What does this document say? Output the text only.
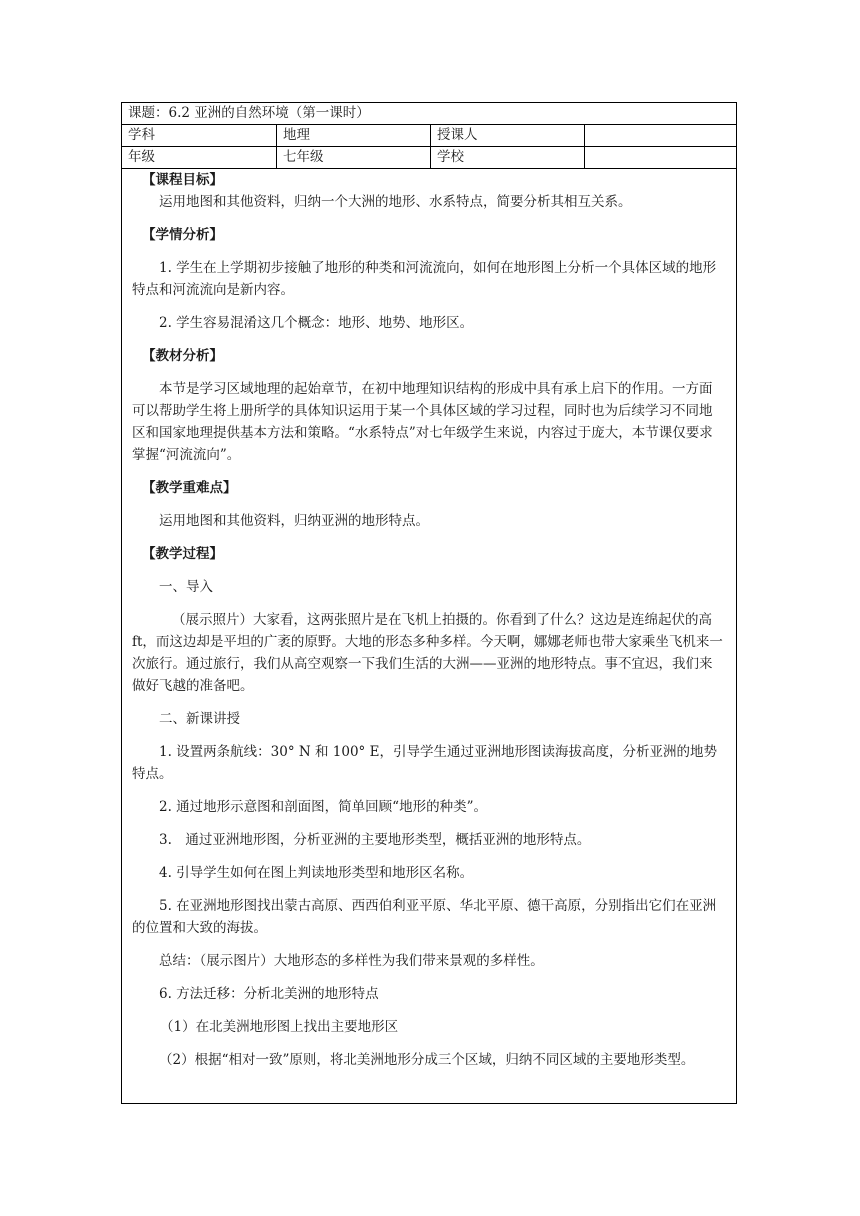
课题：6.2 亚洲的自然环境（第一课时）
学科	地理	授课人
年级	七年级	学校

【课程目标】

运用地图和其他资料，归纳一个大洲的地形、水系特点，简要分析其相互关系。

【学情分析】

1. 学生在上学期初步接触了地形的种类和河流流向，如何在地形图上分析一个具体区域的地形特点和河流流向是新内容。

2. 学生容易混淆这几个概念：地形、地势、地形区。

【教材分析】

本节是学习区域地理的起始章节，在初中地理知识结构的形成中具有承上启下的作用。一方面可以帮助学生将上册所学的具体知识运用于某一个具体区域的学习过程，同时也为后续学习不同地区和国家地理提供基本方法和策略。“水系特点”对七年级学生来说，内容过于庞大，本节课仅要求掌握“河流流向”。

【教学重难点】

运用地图和其他资料，归纳亚洲的地形特点。

【教学过程】

一、导入

（展示照片）大家看，这两张照片是在飞机上拍摄的。你看到了什么？这边是连绵起伏的高ft，而这边却是平坦的广袤的原野。大地的形态多种多样。今天啊，娜娜老师也带大家乘坐飞机来一次旅行。通过旅行，我们从高空观察一下我们生活的大洲——亚洲的地形特点。事不宜迟，我们来做好飞越的准备吧。

二、新课讲授

1. 设置两条航线：30° N 和 100° E，引导学生通过亚洲地形图读海拔高度，分析亚洲的地势特点。

2. 通过地形示意图和剖面图，简单回顾“地形的种类”。

3.　通过亚洲地形图，分析亚洲的主要地形类型，概括亚洲的地形特点。

4. 引导学生如何在图上判读地形类型和地形区名称。

5. 在亚洲地形图找出蒙古高原、西西伯利亚平原、华北平原、德干高原，分别指出它们在亚洲的位置和大致的海拔。

总结：（展示图片）大地形态的多样性为我们带来景观的多样性。

6. 方法迁移：分析北美洲的地形特点

（1）在北美洲地形图上找出主要地形区

（2）根据“相对一致”原则，将北美洲地形分成三个区域，归纳不同区域的主要地形类型。
